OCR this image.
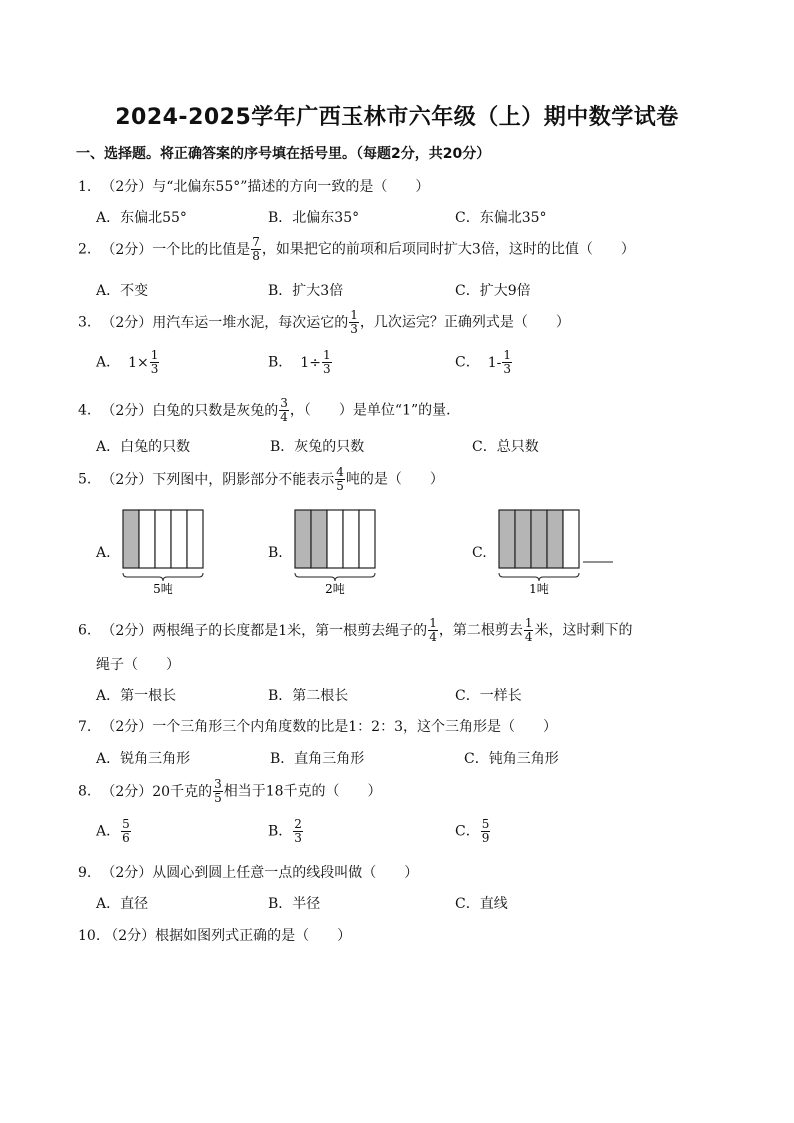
2024-2025学年广西玉林市六年级（上）期中数学试卷
一、选择题。将正确答案的序号填在括号里。（每题2分，共20分）
1. （2分）与“北偏东55°”描述的方向一致的是（　　）
A．东偏北55°	B．北偏东35°	C．东偏北35°
2. （2分）一个比的比值是 $\frac{7}{8}$ ，如果把它的前项和后项同时扩大3倍，这时的比值（　　）
A．不变	B．扩大3倍	C．扩大9倍
3. （2分）用汽车运一堆水泥，每次运它的 $\frac{1}{3}$ ，几次运完？正确列式是（　　）
A． $1\times \frac{1}{3}$	B． $1\div \frac{1}{3}$	C． $1- \frac{1}{3}$
4. （2分）白兔的只数是灰兔的 $\frac{3}{4}$ ，（　　）是单位“1”的量．
A．白兔的只数	B．灰兔的只数	C．总只数
5. （2分）下列图中，阴影部分不能表示 $\frac{4}{5}$ 吨的是（　　）
A.
5吨
B.
2吨
C.
1吨
6. （2分）两根绳子的长度都是1米，第一根剪去绳子的 $\frac{1}{4}$ ，第二根剪去 $\frac{1}{4}$ 米，这时剩下的
绳子（　　）
A．第一根长	B．第二根长	C．一样长
7. （2分）一个三角形三个内角度数的比是1：2：3，这个三角形是（　　）
A．锐角三角形	B．直角三角形	C．钝角三角形
8. （2分）20千克的 $\frac{3}{5}$ 相当于18千克的（　　）
A． $\frac{5}{6}$	B． $\frac{2}{3}$	C． $\frac{5}{9}$
9. （2分）从圆心到圆上任意一点的线段叫做（　　）
A．直径	B．半径	C．直线
10. （2分）根据如图列式正确的是（　　）
